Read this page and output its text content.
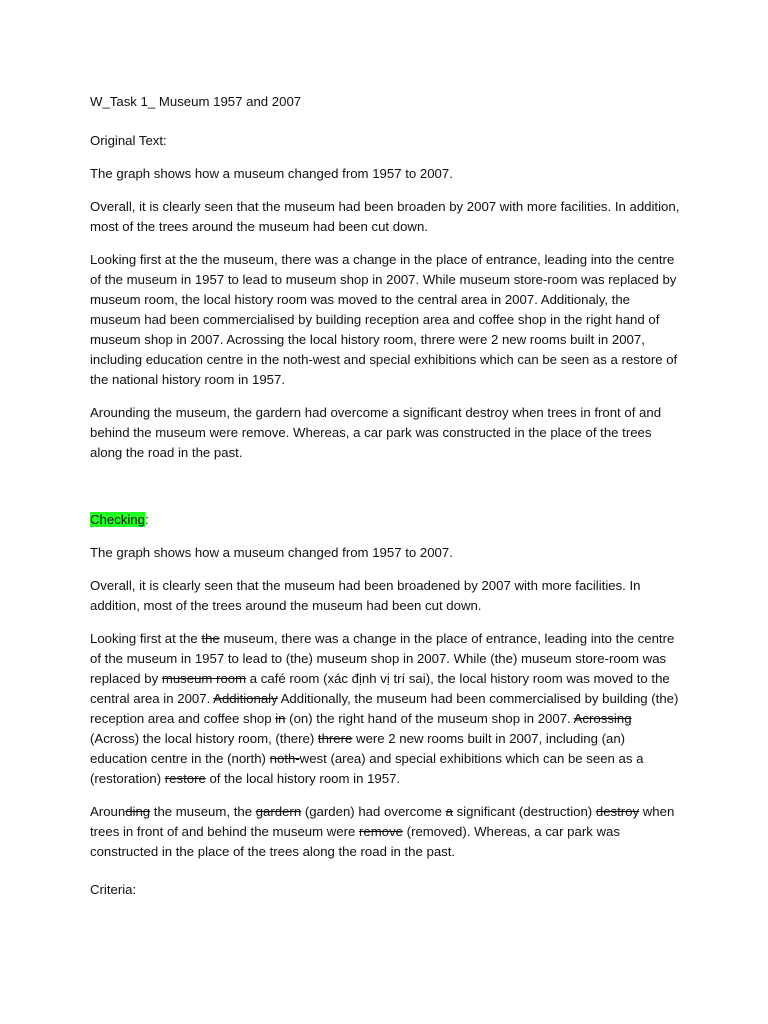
W_Task 1_ Museum 1957 and 2007

Original Text:

The graph shows how a museum changed from 1957 to 2007.

Overall, it is clearly seen that the museum had been broaden by 2007 with more facilities. In addition, most of the trees around the museum had been cut down.

Looking first at the the museum, there was a change in the place of entrance, leading into the centre of the museum in 1957 to lead to museum shop in 2007. While museum store-room was replaced by museum room, the local history room was moved to the central area in 2007. Additionaly, the museum had been commercialised by building reception area and coffee shop in the right hand of museum shop in 2007. Acrossing the local history room, threre were 2 new rooms built in 2007, including education centre in the noth-west and special exhibitions which can be seen as a restore of the national history room in 1957.

Arounding the museum, the gardern had overcome a significant destroy when trees in front of and behind the museum were remove. Whereas, a car park was constructed in the place of the trees along the road in the past.

Checking:

The graph shows how a museum changed from 1957 to 2007.

Overall, it is clearly seen that the museum had been broadened by 2007 with more facilities. In addition, most of the trees around the museum had been cut down.

Looking first at the the museum, there was a change in the place of entrance, leading into the centre of the museum in 1957 to lead to (the) museum shop in 2007. While (the) museum store-room was replaced by museum room a café room (xác định vị trí sai), the local history room was moved to the central area in 2007. Additionaly Additionally, the museum had been commercialised by building (the) reception area and coffee shop in (on) the right hand of the museum shop in 2007. Acrossing (Across) the local history room, (there) threre were 2 new rooms built in 2007, including (an) education centre in the (north) noth-west (area) and special exhibitions which can be seen as a (restoration) restore of the local history room in 1957.

Arounding the museum, the gardern (garden) had overcome a significant (destruction) destroy when trees in front of and behind the museum were remove (removed). Whereas, a car park was constructed in the place of the trees along the road in the past.

Criteria:
